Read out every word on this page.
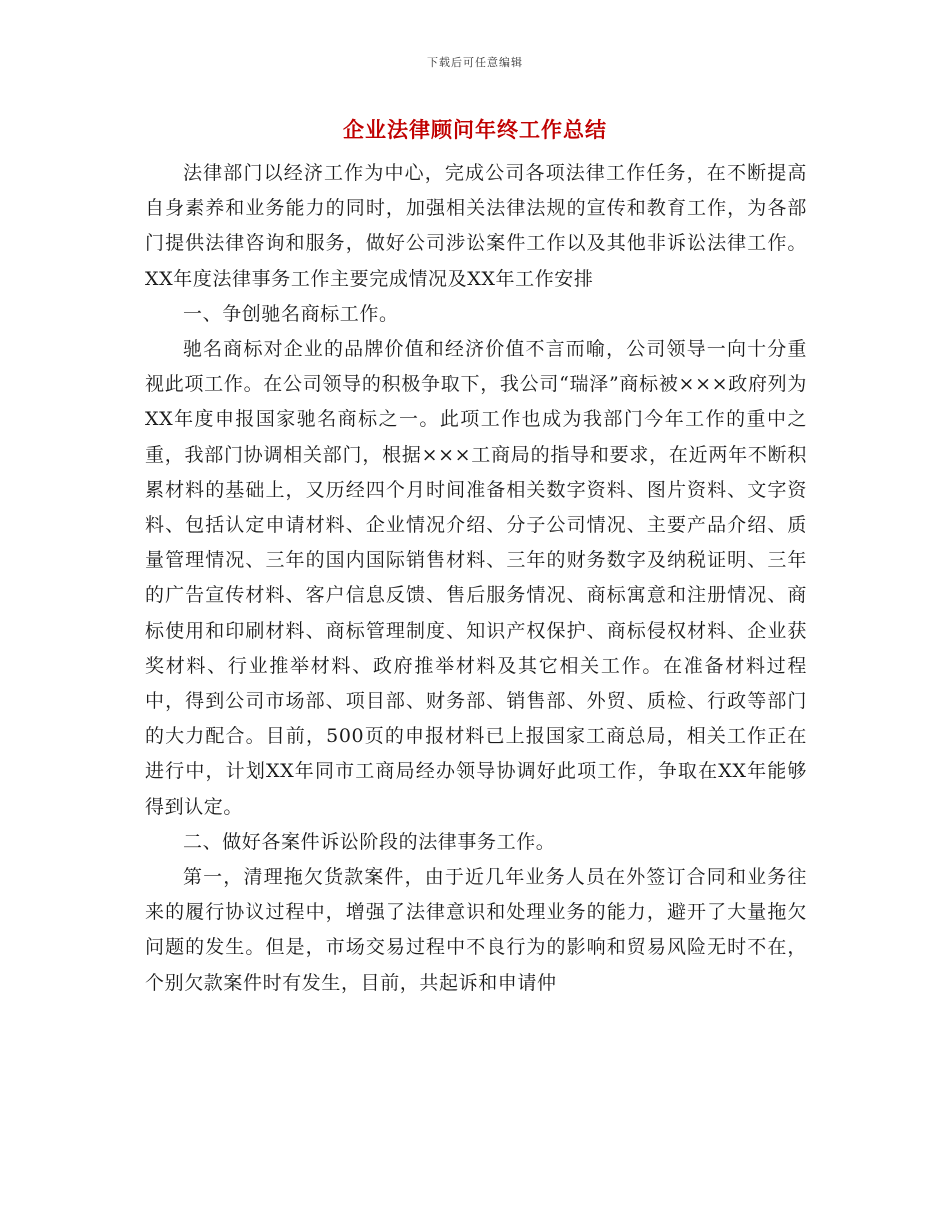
下载后可任意编辑
企业法律顾问年终工作总结

法律部门以经济工作为中心，完成公司各项法律工作任务，在不断提高自身素养和业务能力的同时，加强相关法律法规的宣传和教育工作，为各部门提供法律咨询和服务，做好公司涉讼案件工作以及其他非诉讼法律工作。XX年度法律事务工作主要完成情况及XX年工作安排

一、争创驰名商标工作。

驰名商标对企业的品牌价值和经济价值不言而喻，公司领导一向十分重视此项工作。在公司领导的积极争取下，我公司“瑞泽”商标被×××政府列为XX年度申报国家驰名商标之一。此项工作也成为我部门今年工作的重中之重，我部门协调相关部门，根据×××工商局的指导和要求，在近两年不断积累材料的基础上，又历经四个月时间准备相关数字资料、图片资料、文字资料、包括认定申请材料、企业情况介绍、分子公司情况、主要产品介绍、质量管理情况、三年的国内国际销售材料、三年的财务数字及纳税证明、三年的广告宣传材料、客户信息反馈、售后服务情况、商标寓意和注册情况、商标使用和印刷材料、商标管理制度、知识产权保护、商标侵权材料、企业获奖材料、行业推举材料、政府推举材料及其它相关工作。在准备材料过程中，得到公司市场部、项目部、财务部、销售部、外贸、质检、行政等部门的大力配合。目前，500页的申报材料已上报国家工商总局，相关工作正在进行中，计划XX年同市工商局经办领导协调好此项工作，争取在XX年能够得到认定。

二、做好各案件诉讼阶段的法律事务工作。

第一，清理拖欠货款案件，由于近几年业务人员在外签订合同和业务往来的履行协议过程中，增强了法律意识和处理业务的能力，避开了大量拖欠问题的发生。但是，市场交易过程中不良行为的影响和贸易风险无时不在，个别欠款案件时有发生，目前，共起诉和申请仲
